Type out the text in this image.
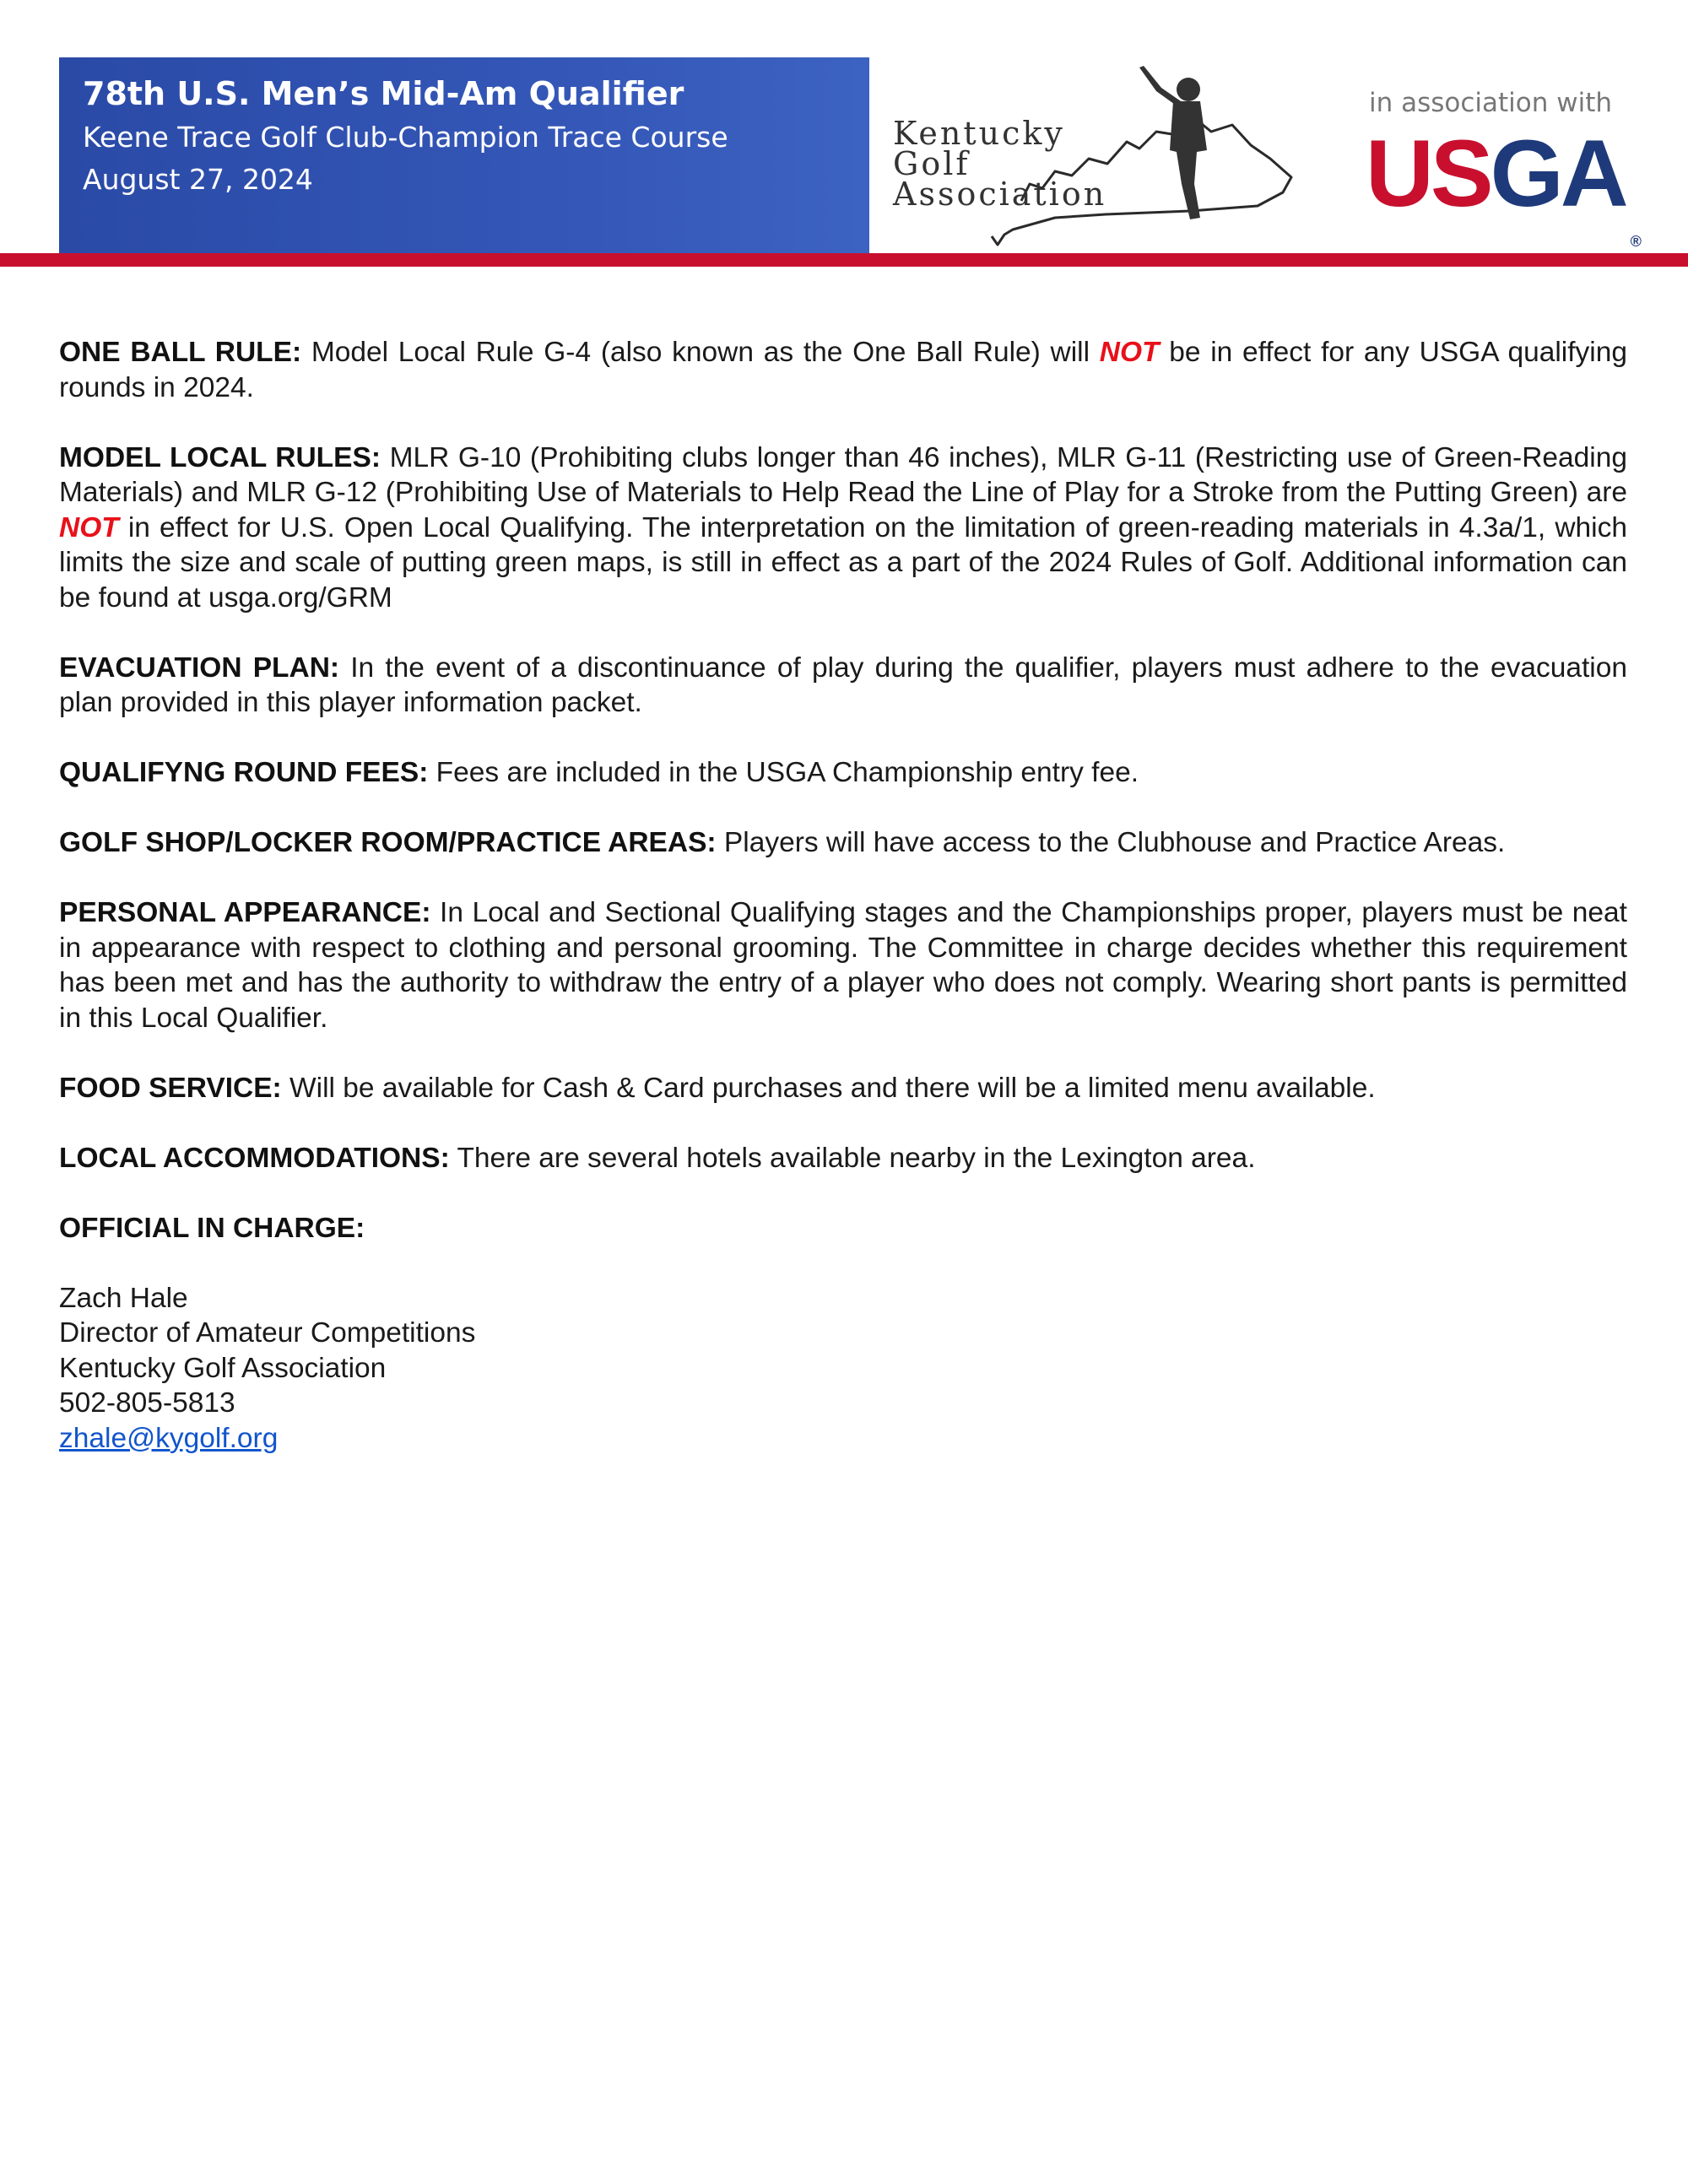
78th U.S. Men’s Mid-Am Qualifier
Keene Trace Golf Club-Champion Trace Course
August 27, 2024
Kentucky
Golf
Association
in association with
USGA®

ONE BALL RULE: Model Local Rule G-4 (also known as the One Ball Rule) will NOT be in effect for any USGA qualifying rounds in 2024.

MODEL LOCAL RULES: MLR G-10 (Prohibiting clubs longer than 46 inches), MLR G-11 (Restricting use of Green-Reading Materials) and MLR G-12 (Prohibiting Use of Materials to Help Read the Line of Play for a Stroke from the Putting Green) are NOT in effect for U.S. Open Local Qualifying. The interpretation on the limitation of green-reading materials in 4.3a/1, which limits the size and scale of putting green maps, is still in effect as a part of the 2024 Rules of Golf. Additional information can be found at usga.org/GRM

EVACUATION PLAN: In the event of a discontinuance of play during the qualifier, players must adhere to the evacuation plan provided in this player information packet.

QUALIFYNG ROUND FEES: Fees are included in the USGA Championship entry fee.

GOLF SHOP/LOCKER ROOM/PRACTICE AREAS: Players will have access to the Clubhouse and Practice Areas.

PERSONAL APPEARANCE: In Local and Sectional Qualifying stages and the Championships proper, players must be neat in appearance with respect to clothing and personal grooming. The Committee in charge decides whether this requirement has been met and has the authority to withdraw the entry of a player who does not comply. Wearing short pants is permitted in this Local Qualifier.

FOOD SERVICE: Will be available for Cash & Card purchases and there will be a limited menu available.

LOCAL ACCOMMODATIONS: There are several hotels available nearby in the Lexington area.

OFFICIAL IN CHARGE:

Zach Hale
Director of Amateur Competitions
Kentucky Golf Association
502-805-5813
zhale@kygolf.org
